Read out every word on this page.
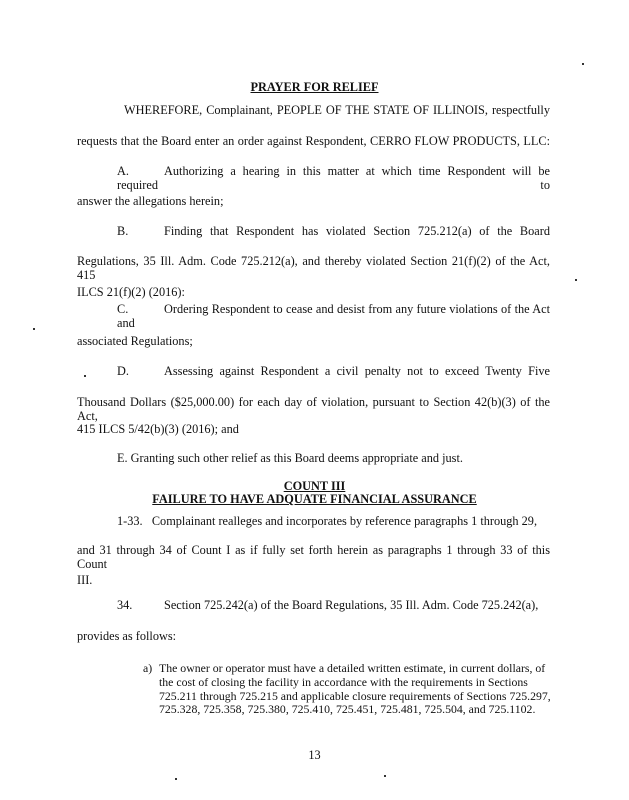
PRAYER FOR RELIEF
WHEREFORE, Complainant, PEOPLE OF THE STATE OF ILLINOIS, respectfully
requests that the Board enter an order against Respondent, CERRO FLOW PRODUCTS, LLC:
A.	Authorizing a hearing in this matter at which time Respondent will be required to
answer the allegations herein;
B.	Finding that Respondent has violated Section 725.212(a) of the Board
Regulations, 35 Ill. Adm. Code 725.212(a), and thereby violated Section 21(f)(2) of the Act, 415
ILCS 21(f)(2) (2016):
C.	Ordering Respondent to cease and desist from any future violations of the Act and
associated Regulations;
D.	Assessing against Respondent a civil penalty not to exceed Twenty Five
Thousand Dollars ($25,000.00) for each day of violation, pursuant to Section 42(b)(3) of the Act,
415 ILCS 5/42(b)(3) (2016); and
E. Granting such other relief as this Board deems appropriate and just.
COUNT III
FAILURE TO HAVE ADQUATE FINANCIAL ASSURANCE
1-33. Complainant realleges and incorporates by reference paragraphs 1 through 29,
and 31 through 34 of Count I as if fully set forth herein as paragraphs 1 through 33 of this Count
III.
34.	Section 725.242(a) of the Board Regulations, 35 Ill. Adm. Code 725.242(a),
provides as follows:
a) The owner or operator must have a detailed written estimate, in current dollars, of the cost of closing the facility in accordance with the requirements in Sections 725.211 through 725.215 and applicable closure requirements of Sections 725.297, 725.328, 725.358, 725.380, 725.410, 725.451, 725.481, 725.504, and 725.1102.
13
